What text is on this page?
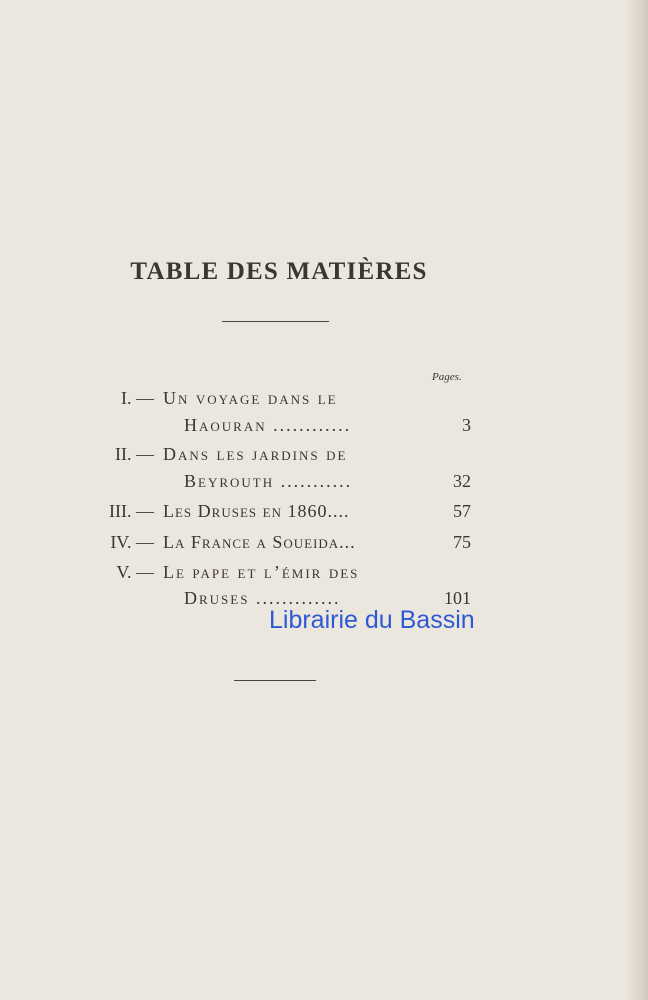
TABLE DES MATIÈRES
Pages.
I. — Un voyage dans le
Haouran ............	3
II. — Dans les jardins de
Beyrouth ...........	32
III. — Les Druses en 1860....	57
IV. — La France a Soueida...	75
V. — Le pape et l’émir des
Druses .............	101
Librairie du Bassin
